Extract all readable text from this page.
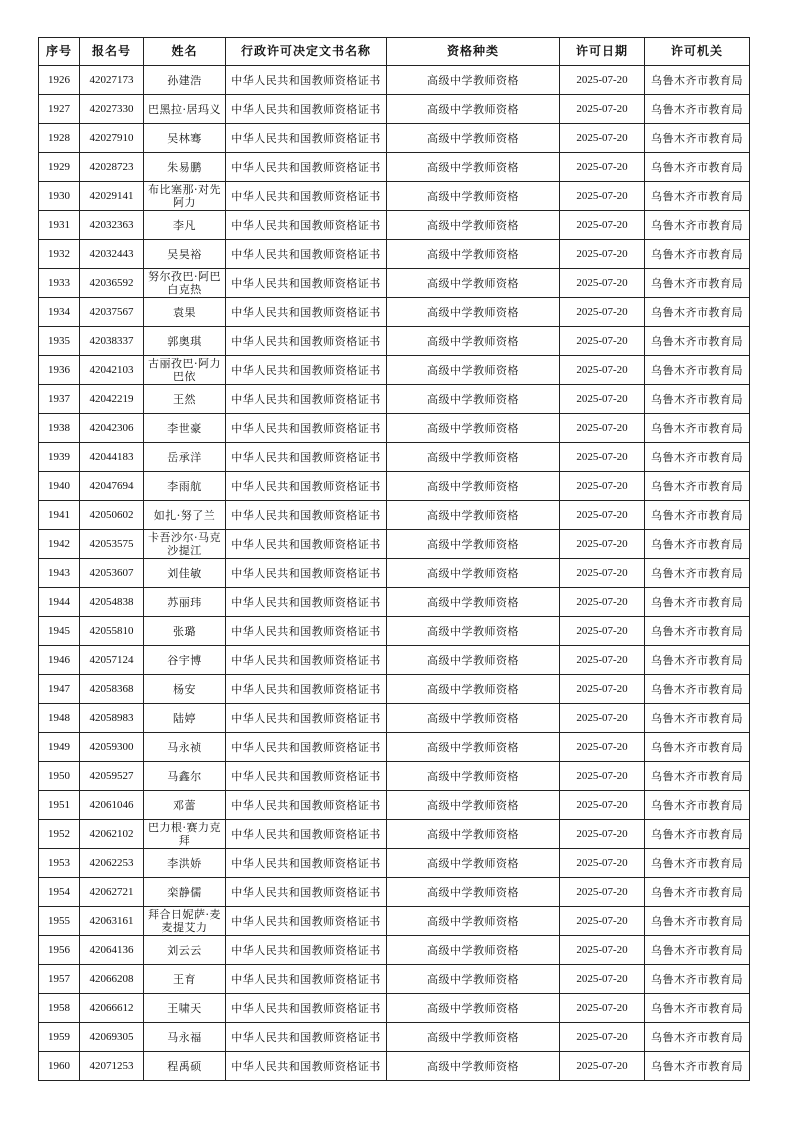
序号	报名号	姓名	行政许可决定文书名称	资格种类	许可日期	许可机关
1926	42027173	孙建浩	中华人民共和国教师资格证书	高级中学教师资格	2025-07-20	乌鲁木齐市教育局
1927	42027330	巴黑拉·居玛义	中华人民共和国教师资格证书	高级中学教师资格	2025-07-20	乌鲁木齐市教育局
1928	42027910	吴林骞	中华人民共和国教师资格证书	高级中学教师资格	2025-07-20	乌鲁木齐市教育局
1929	42028723	朱易鹏	中华人民共和国教师资格证书	高级中学教师资格	2025-07-20	乌鲁木齐市教育局
1930	42029141	布比塞那·对先阿力	中华人民共和国教师资格证书	高级中学教师资格	2025-07-20	乌鲁木齐市教育局
1931	42032363	李凡	中华人民共和国教师资格证书	高级中学教师资格	2025-07-20	乌鲁木齐市教育局
1932	42032443	吴昊裕	中华人民共和国教师资格证书	高级中学教师资格	2025-07-20	乌鲁木齐市教育局
1933	42036592	努尔孜巴·阿巴白克热	中华人民共和国教师资格证书	高级中学教师资格	2025-07-20	乌鲁木齐市教育局
1934	42037567	袁果	中华人民共和国教师资格证书	高级中学教师资格	2025-07-20	乌鲁木齐市教育局
1935	42038337	郭奥琪	中华人民共和国教师资格证书	高级中学教师资格	2025-07-20	乌鲁木齐市教育局
1936	42042103	古丽孜巴·阿力巴依	中华人民共和国教师资格证书	高级中学教师资格	2025-07-20	乌鲁木齐市教育局
1937	42042219	王然	中华人民共和国教师资格证书	高级中学教师资格	2025-07-20	乌鲁木齐市教育局
1938	42042306	李世豪	中华人民共和国教师资格证书	高级中学教师资格	2025-07-20	乌鲁木齐市教育局
1939	42044183	岳承洋	中华人民共和国教师资格证书	高级中学教师资格	2025-07-20	乌鲁木齐市教育局
1940	42047694	李雨航	中华人民共和国教师资格证书	高级中学教师资格	2025-07-20	乌鲁木齐市教育局
1941	42050602	如扎·努了兰	中华人民共和国教师资格证书	高级中学教师资格	2025-07-20	乌鲁木齐市教育局
1942	42053575	卡吾沙尔·马克沙提江	中华人民共和国教师资格证书	高级中学教师资格	2025-07-20	乌鲁木齐市教育局
1943	42053607	刘佳敏	中华人民共和国教师资格证书	高级中学教师资格	2025-07-20	乌鲁木齐市教育局
1944	42054838	苏丽玮	中华人民共和国教师资格证书	高级中学教师资格	2025-07-20	乌鲁木齐市教育局
1945	42055810	张璐	中华人民共和国教师资格证书	高级中学教师资格	2025-07-20	乌鲁木齐市教育局
1946	42057124	谷宇博	中华人民共和国教师资格证书	高级中学教师资格	2025-07-20	乌鲁木齐市教育局
1947	42058368	杨安	中华人民共和国教师资格证书	高级中学教师资格	2025-07-20	乌鲁木齐市教育局
1948	42058983	陆婷	中华人民共和国教师资格证书	高级中学教师资格	2025-07-20	乌鲁木齐市教育局
1949	42059300	马永祯	中华人民共和国教师资格证书	高级中学教师资格	2025-07-20	乌鲁木齐市教育局
1950	42059527	马鑫尔	中华人民共和国教师资格证书	高级中学教师资格	2025-07-20	乌鲁木齐市教育局
1951	42061046	邓蕾	中华人民共和国教师资格证书	高级中学教师资格	2025-07-20	乌鲁木齐市教育局
1952	42062102	巴力根·赛力克拜	中华人民共和国教师资格证书	高级中学教师资格	2025-07-20	乌鲁木齐市教育局
1953	42062253	李洪娇	中华人民共和国教师资格证书	高级中学教师资格	2025-07-20	乌鲁木齐市教育局
1954	42062721	栾静儒	中华人民共和国教师资格证书	高级中学教师资格	2025-07-20	乌鲁木齐市教育局
1955	42063161	拜合日妮萨·麦麦提艾力	中华人民共和国教师资格证书	高级中学教师资格	2025-07-20	乌鲁木齐市教育局
1956	42064136	刘云云	中华人民共和国教师资格证书	高级中学教师资格	2025-07-20	乌鲁木齐市教育局
1957	42066208	王育	中华人民共和国教师资格证书	高级中学教师资格	2025-07-20	乌鲁木齐市教育局
1958	42066612	王啸天	中华人民共和国教师资格证书	高级中学教师资格	2025-07-20	乌鲁木齐市教育局
1959	42069305	马永福	中华人民共和国教师资格证书	高级中学教师资格	2025-07-20	乌鲁木齐市教育局
1960	42071253	程禹硕	中华人民共和国教师资格证书	高级中学教师资格	2025-07-20	乌鲁木齐市教育局
